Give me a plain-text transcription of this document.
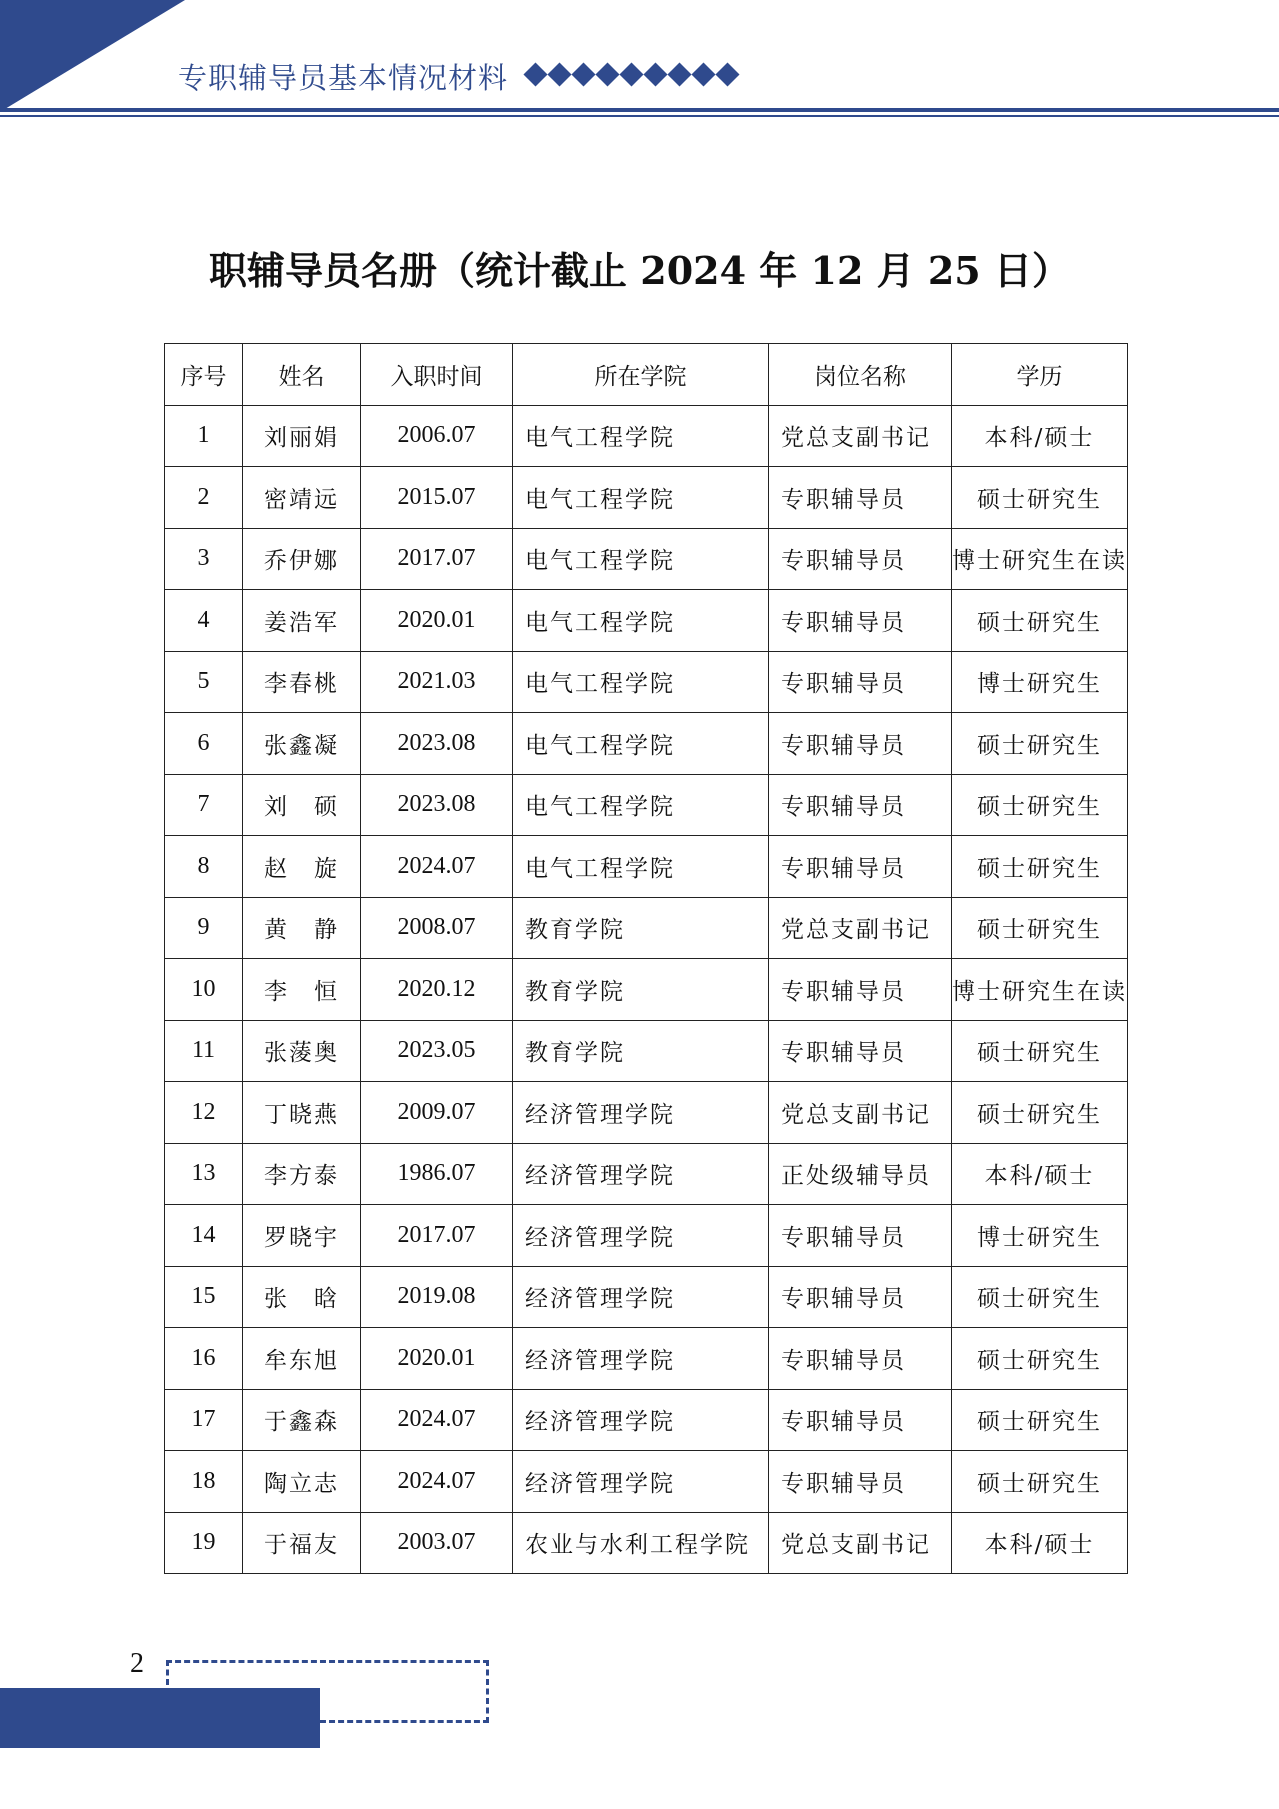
专职辅导员基本情况材料
职辅导员名册（统计截止 2024 年 12 月 25 日）
序号	姓名	入职时间	所在学院	岗位名称	学历
1	刘丽娟	2006.07	电气工程学院	党总支副书记	本科/硕士
2	密靖远	2015.07	电气工程学院	专职辅导员	硕士研究生
3	乔伊娜	2017.07	电气工程学院	专职辅导员	博士研究生在读
4	姜浩军	2020.01	电气工程学院	专职辅导员	硕士研究生
5	李春桃	2021.03	电气工程学院	专职辅导员	博士研究生
6	张鑫凝	2023.08	电气工程学院	专职辅导员	硕士研究生
7	刘　硕	2023.08	电气工程学院	专职辅导员	硕士研究生
8	赵　旋	2024.07	电气工程学院	专职辅导员	硕士研究生
9	黄　静	2008.07	教育学院	党总支副书记	硕士研究生
10	李　恒	2020.12	教育学院	专职辅导员	博士研究生在读
11	张蔆奥	2023.05	教育学院	专职辅导员	硕士研究生
12	丁晓燕	2009.07	经济管理学院	党总支副书记	硕士研究生
13	李方泰	1986.07	经济管理学院	正处级辅导员	本科/硕士
14	罗晓宇	2017.07	经济管理学院	专职辅导员	博士研究生
15	张　晗	2019.08	经济管理学院	专职辅导员	硕士研究生
16	牟东旭	2020.01	经济管理学院	专职辅导员	硕士研究生
17	于鑫森	2024.07	经济管理学院	专职辅导员	硕士研究生
18	陶立志	2024.07	经济管理学院	专职辅导员	硕士研究生
19	于福友	2003.07	农业与水利工程学院	党总支副书记	本科/硕士
2
